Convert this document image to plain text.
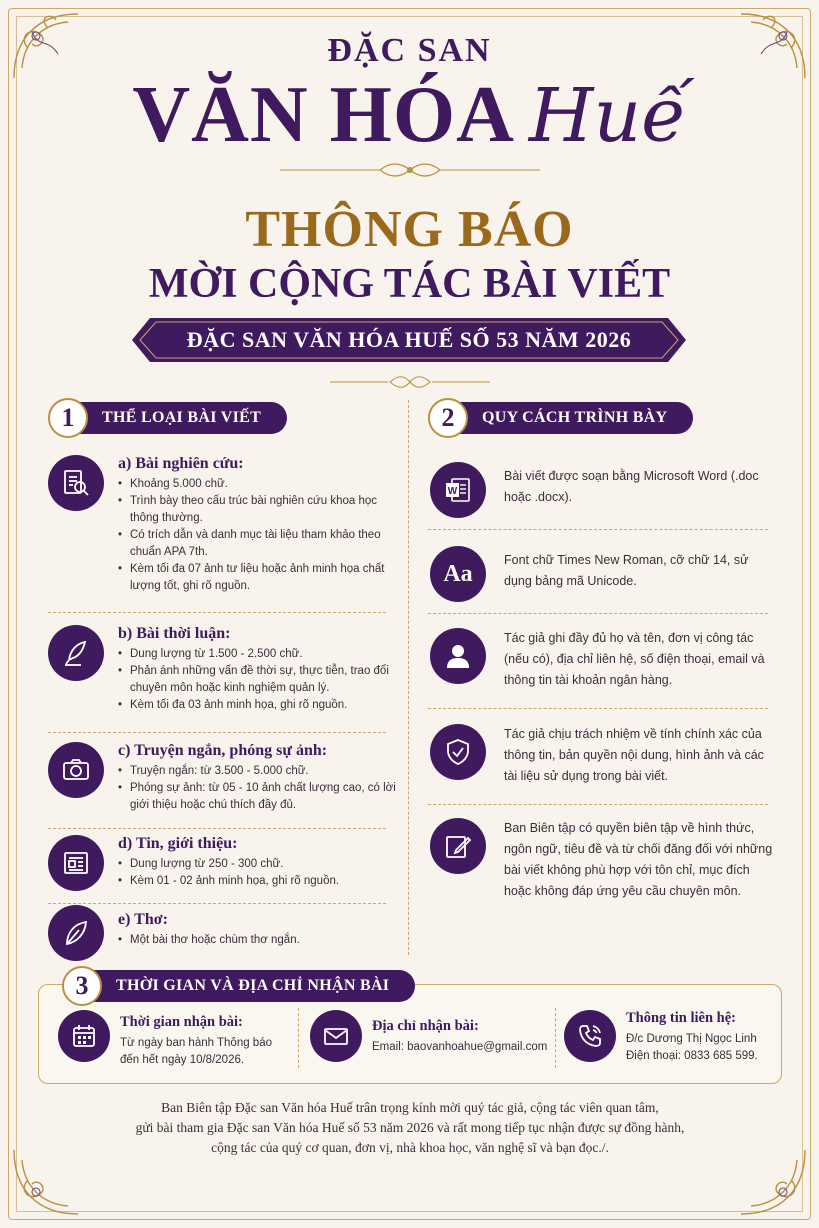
ĐẶC SAN
VĂN HÓA Huế
THÔNG BÁO
MỜI CỘNG TÁC BÀI VIẾT
ĐẶC SAN VĂN HÓA HUẾ SỐ 53 NĂM 2026
1	THỂ LOẠI BÀI VIẾT	2	QUY CÁCH TRÌNH BÀY
a) Bài nghiên cứu:
• Khoảng 5.000 chữ.
• Trình bày theo cấu trúc bài nghiên cứu khoa học thông thường.
• Có trích dẫn và danh mục tài liệu tham khảo theo chuẩn APA 7th.
• Kèm tối đa 07 ảnh tư liệu hoặc ảnh minh họa chất lượng tốt, ghi rõ nguồn.
b) Bài thời luận:
• Dung lượng từ 1.500 - 2.500 chữ.
• Phản ánh những vấn đề thời sự, thực tiễn, trao đổi chuyên môn hoặc kinh nghiệm quản lý.
• Kèm tối đa 03 ảnh minh họa, ghi rõ nguồn.
c) Truyện ngắn, phóng sự ảnh:
• Truyện ngắn: từ 3.500 - 5.000 chữ.
• Phóng sự ảnh: từ 05 - 10 ảnh chất lượng cao, có lời giới thiệu hoặc chú thích đầy đủ.
d) Tin, giới thiệu:
• Dung lượng từ 250 - 300 chữ.
• Kèm 01 - 02 ảnh minh họa, ghi rõ nguồn.
e) Thơ:
• Một bài thơ hoặc chùm thơ ngắn.
W
Bài viết được soạn bằng Microsoft Word (.doc hoặc .docx).
Aa
Font chữ Times New Roman, cỡ chữ 14, sử dụng bảng mã Unicode.
Tác giả ghi đầy đủ họ và tên, đơn vị công tác (nếu có), địa chỉ liên hệ, số điện thoại, email và thông tin tài khoản ngân hàng.
Tác giả chịu trách nhiệm về tính chính xác của thông tin, bản quyền nội dung, hình ảnh và các tài liệu sử dụng trong bài viết.
Ban Biên tập có quyền biên tập về hình thức, ngôn ngữ, tiêu đề và từ chối đăng đối với những bài viết không phù hợp với tôn chỉ, mục đích hoặc không đáp ứng yêu cầu chuyên môn.
3	THỜI GIAN VÀ ĐỊA CHỈ NHẬN BÀI
Thời gian nhận bài:

Từ ngày ban hành Thông báo

đến hết ngày 10/8/2026.

Địa chỉ nhận bài:

Email: baovanhoahue@gmail.com

Thông tin liên hệ:

Đ/c Dương Thị Ngọc Linh

Điện thoại: 0833 685 599.

Ban Biên tập Đặc san Văn hóa Huế trân trọng kính mời quý tác giả, cộng tác viên quan tâm,
gửi bài tham gia Đặc san Văn hóa Huế số 53 năm 2026 và rất mong tiếp tục nhận được sự đồng hành,
cộng tác của quý cơ quan, đơn vị, nhà khoa học, văn nghệ sĩ và bạn đọc./.
